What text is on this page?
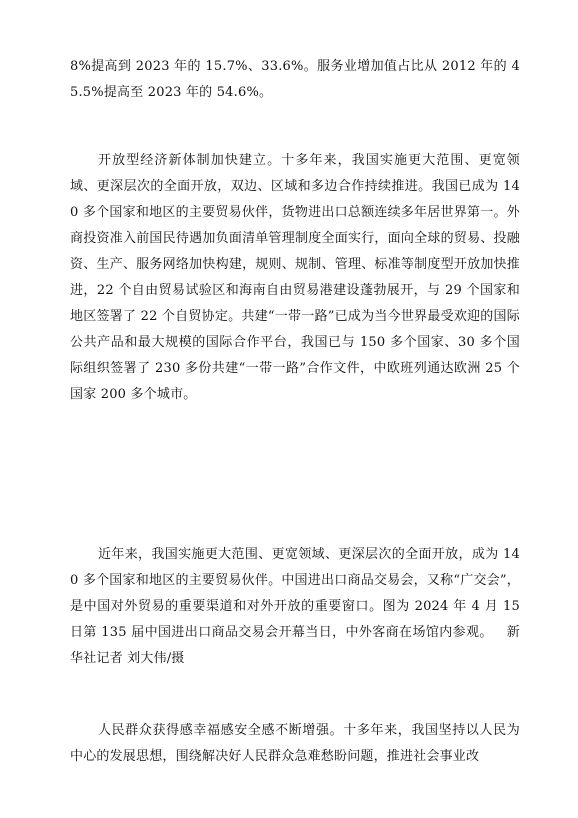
8%提高到 2023 年的 15.7%、33.6%。服务业增加值占比从 2012 年的 45.5%提高至 2023 年的 54.6%。

开放型经济新体制加快建立。十多年来，我国实施更大范围、更宽领域、更深层次的全面开放，双边、区域和多边合作持续推进。我国已成为 140 多个国家和地区的主要贸易伙伴，货物进出口总额连续多年居世界第一。外商投资准入前国民待遇加负面清单管理制度全面实行，面向全球的贸易、投融资、生产、服务网络加快构建，规则、规制、管理、标准等制度型开放加快推进，22 个自由贸易试验区和海南自由贸易港建设蓬勃展开，与 29 个国家和地区签署了 22 个自贸协定。共建“一带一路”已成为当今世界最受欢迎的国际公共产品和最大规模的国际合作平台，我国已与 150 多个国家、30 多个国际组织签署了 230 多份共建“一带一路”合作文件，中欧班列通达欧洲 25 个国家 200 多个城市。

近年来，我国实施更大范围、更宽领域、更深层次的全面开放，成为 140 多个国家和地区的主要贸易伙伴。中国进出口商品交易会，又称“广交会”，是中国对外贸易的重要渠道和对外开放的重要窗口。图为 2024 年 4 月 15 日第 135 届中国进出口商品交易会开幕当日，中外客商在场馆内参观。 新华社记者 刘大伟/摄

人民群众获得感幸福感安全感不断增强。十多年来，我国坚持以人民为中心的发展思想，围绕解决好人民群众急难愁盼问题，推进社会事业改
